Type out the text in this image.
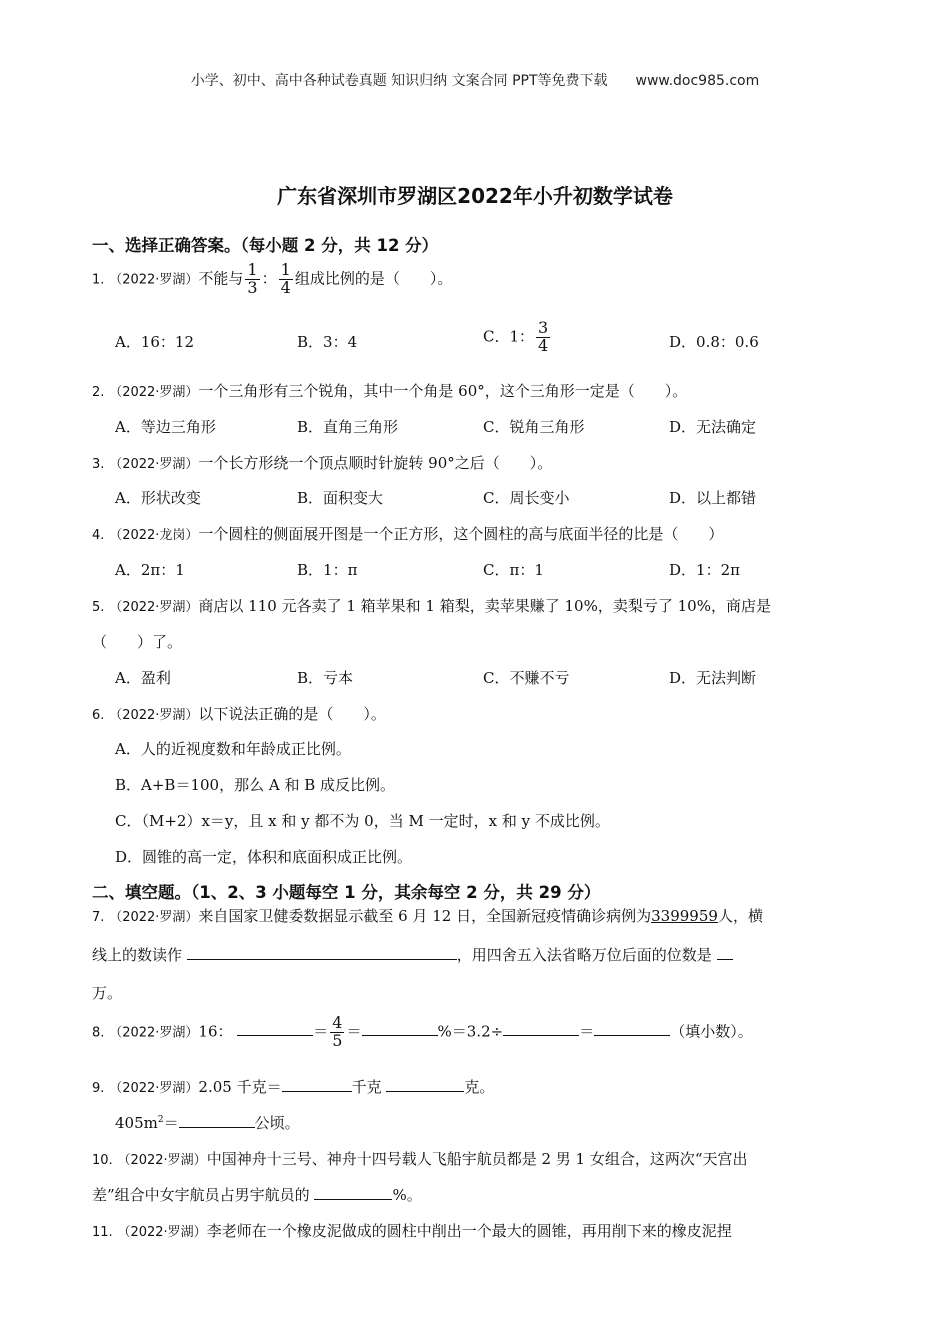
小学、初中、高中各种试卷真题 知识归纳 文案合同 PPT等免费下载 www.doc985.com
广东省深圳市罗湖区2022年小升初数学试卷
一、选择正确答案。（每小题 2 分，共 12 分）
1. （2022·罗湖）不能与 $\frac{1}{3}$ ： $\frac{1}{4}$ 组成比例的是（　　）。
A．16：12	B．3：4	C．1： $\frac{3}{4}$	D．0.8：0.6
2. （2022·罗湖）一个三角形有三个锐角，其中一个角是 60°，这个三角形一定是（　　）。
A．等边三角形	B．直角三角形	C．锐角三角形	D．无法确定
3. （2022·罗湖）一个长方形绕一个顶点顺时针旋转 90°之后（　　）。
A．形状改变	B．面积变大	C．周长变小	D．以上都错
4. （2022·龙岗）一个圆柱的侧面展开图是一个正方形，这个圆柱的高与底面半径的比是（　　）
A．2π：1	B．1：π	C．π：1	D．1：2π
5. （2022·罗湖）商店以 110 元各卖了 1 箱苹果和 1 箱梨，卖苹果赚了 10%，卖梨亏了 10%，商店是
（　　）了。
A．盈利	B．亏本	C．不赚不亏	D．无法判断
6. （2022·罗湖）以下说法正确的是（　　）。
A．人的近视度数和年龄成正比例。
B．A+B＝100，那么 A 和 B 成反比例。
C．（M+2）x＝y，且 x 和 y 都不为 0，当 M 一定时，x 和 y 不成比例。
D．圆锥的高一定，体积和底面积成正比例。
二、填空题。（1、2、3 小题每空 1 分，其余每空 2 分，共 29 分）
7. （2022·罗湖）来自国家卫健委数据显示截至 6 月 12 日，全国新冠疫情确诊病例为3399959人，横
线上的数读作	，用四舍五入法省略万位后面的位数是
万。
8. （2022·罗湖）16：	＝ $\frac{4}{5}$ ＝	%＝3.2÷	＝	（填小数）。
9. （2022·罗湖）2.05 千克＝	千克	克。
$405m^2=$	公顷。
10. （2022·罗湖）中国神舟十三号、神舟十四号载人飞船宇航员都是 2 男 1 女组合，这两次“天宫出
差”组合中女宇航员占男宇航员的	%。
11. （2022·罗湖）李老师在一个橡皮泥做成的圆柱中削出一个最大的圆锥，再用削下来的橡皮泥捏
